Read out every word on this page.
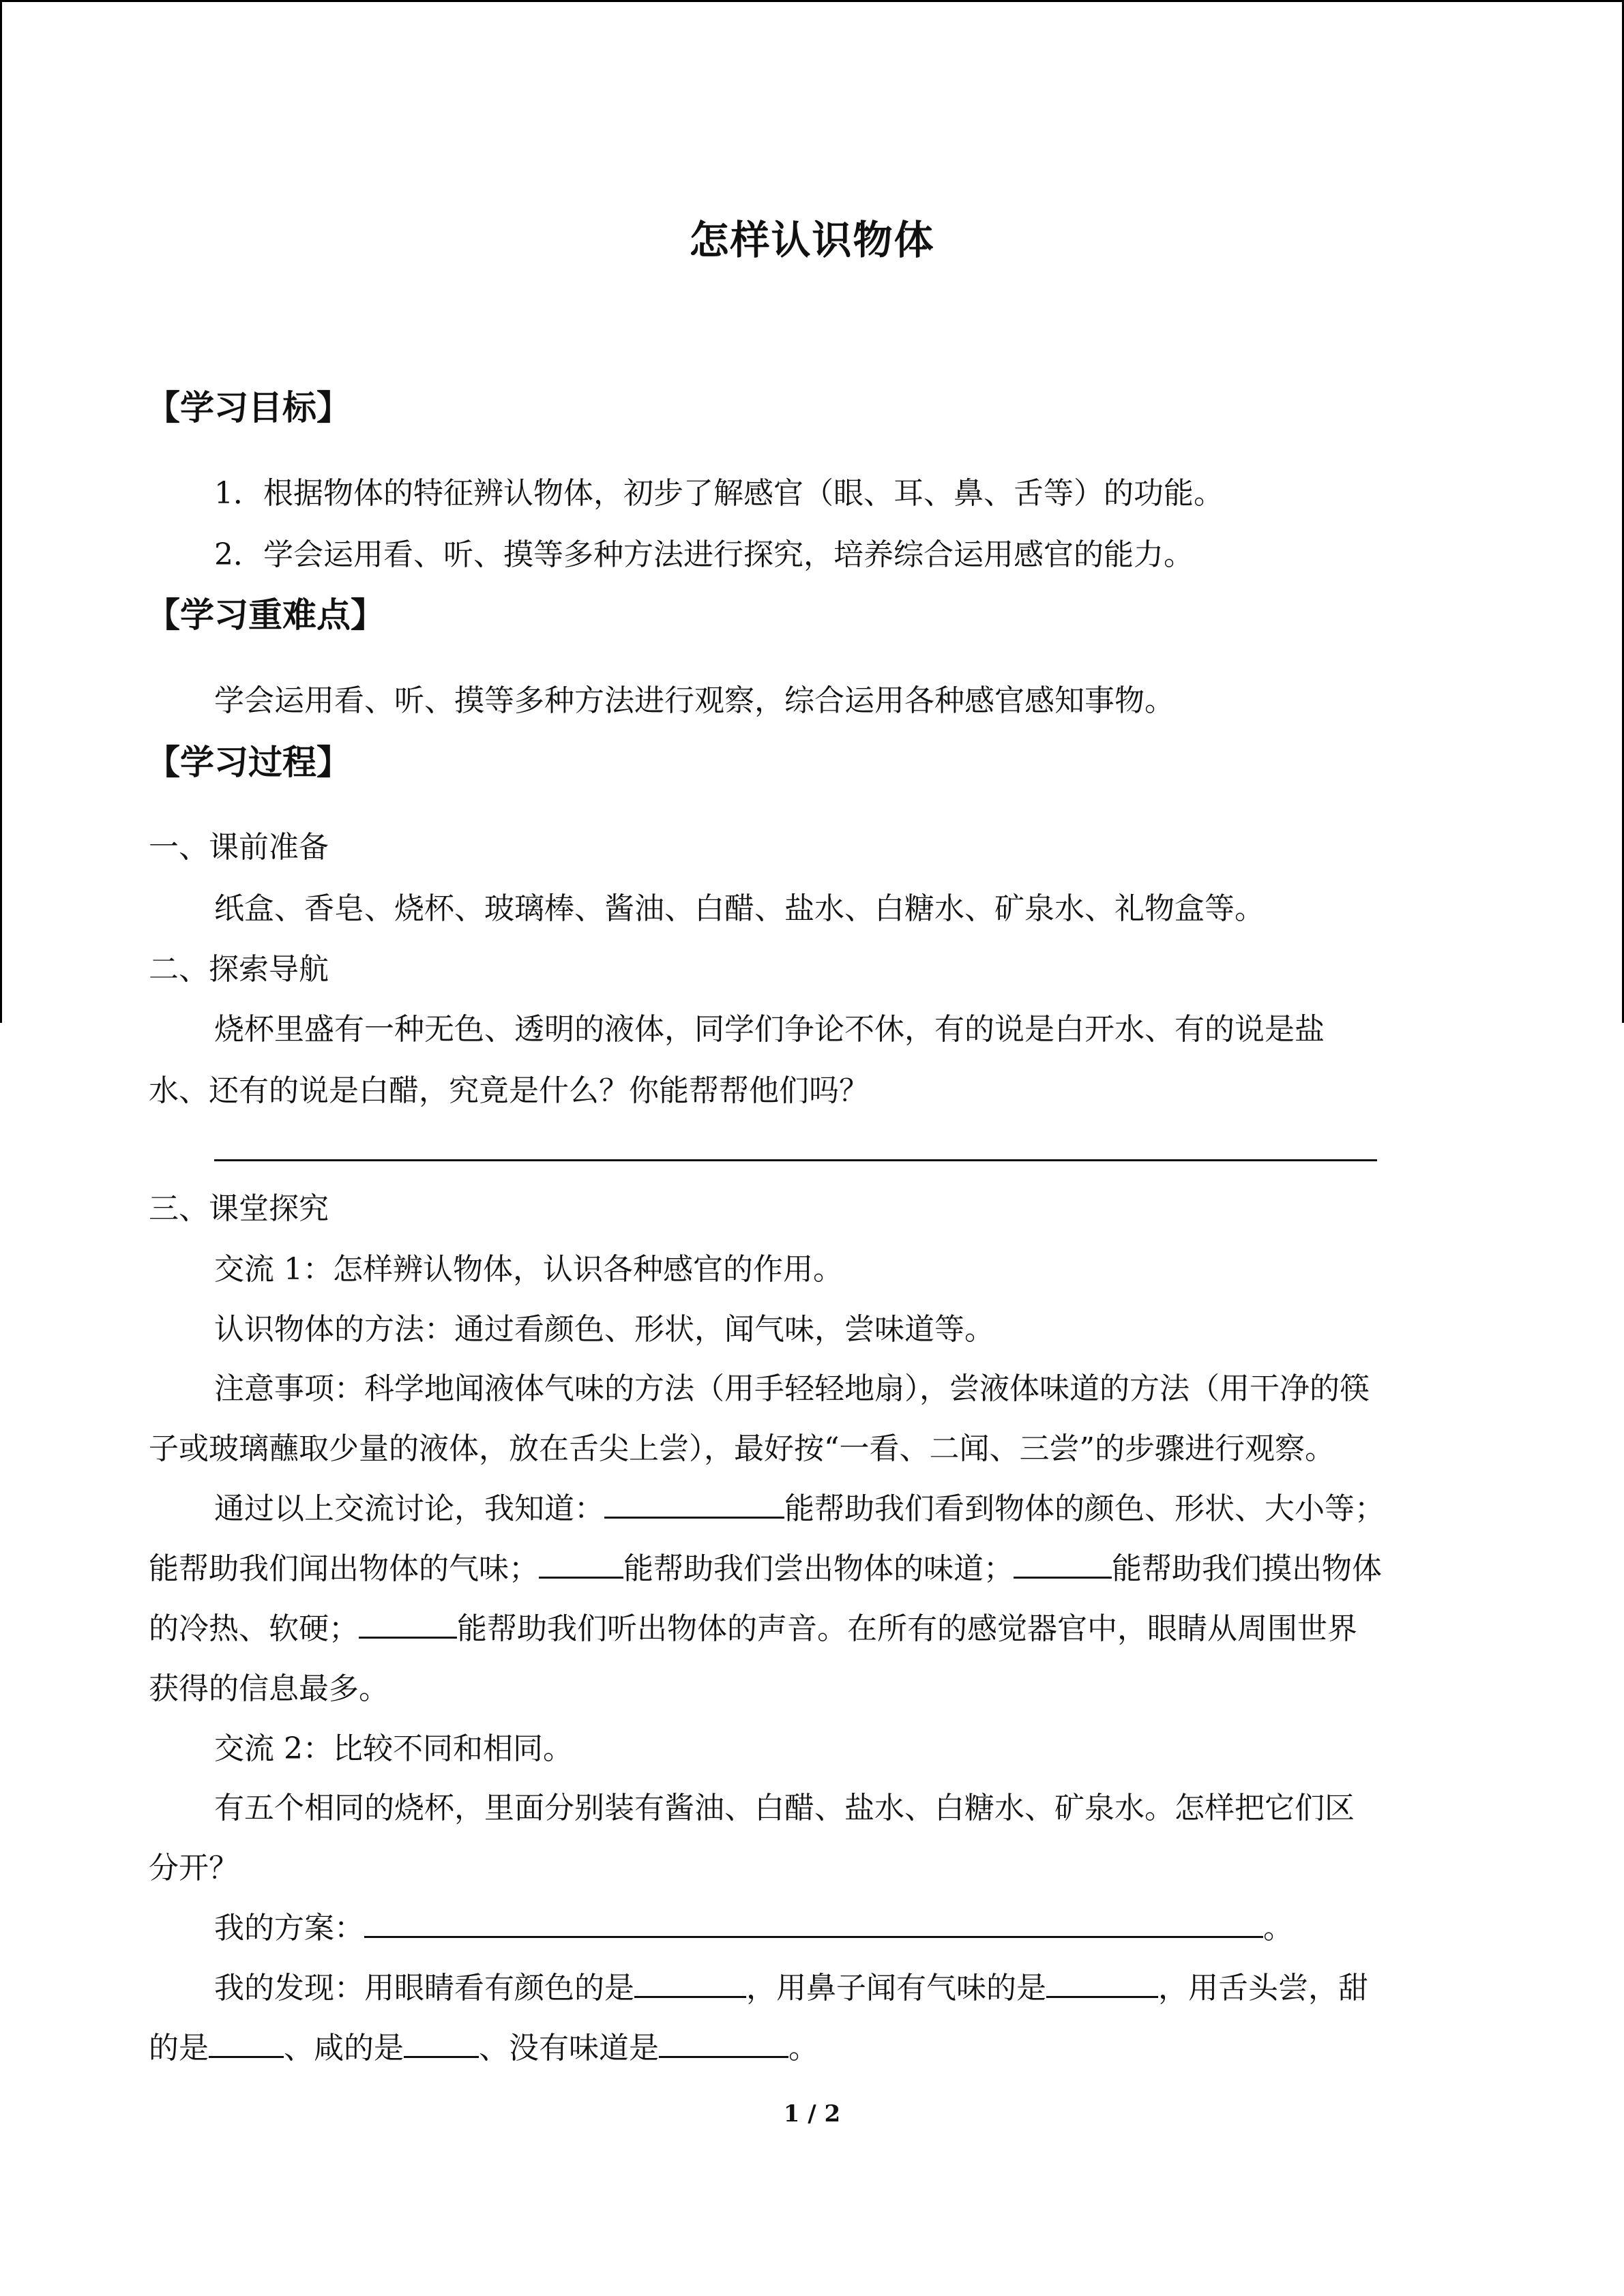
怎样认识物体
【学习目标】
1．根据物体的特征辨认物体，初步了解感官（眼、耳、鼻、舌等）的功能。
2．学会运用看、听、摸等多种方法进行探究，培养综合运用感官的能力。
【学习重难点】
学会运用看、听、摸等多种方法进行观察，综合运用各种感官感知事物。
【学习过程】
一、课前准备
纸盒、香皂、烧杯、玻璃棒、酱油、白醋、盐水、白糖水、矿泉水、礼物盒等。
二、探索导航
烧杯里盛有一种无色、透明的液体，同学们争论不休，有的说是白开水、有的说是盐
水、还有的说是白醋，究竟是什么？你能帮帮他们吗？
三、课堂探究
交流 1：怎样辨认物体，认识各种感官的作用。
认识物体的方法：通过看颜色、形状，闻气味，尝味道等。
注意事项：科学地闻液体气味的方法（用手轻轻地扇），尝液体味道的方法（用干净的筷
子或玻璃蘸取少量的液体，放在舌尖上尝），最好按“一看、二闻、三尝”的步骤进行观察。
通过以上交流讨论，我知道：	能帮助我们看到物体的颜色、形状、大小等；
能帮助我们闻出物体的气味；	能帮助我们尝出物体的味道；	能帮助我们摸出物体
的冷热、软硬；	能帮助我们听出物体的声音。在所有的感觉器官中，眼睛从周围世界
获得的信息最多。
交流 2：比较不同和相同。
有五个相同的烧杯，里面分别装有酱油、白醋、盐水、白糖水、矿泉水。怎样把它们区
分开？
我的方案：	。
我的发现：用眼睛看有颜色的是	，用鼻子闻有气味的是	，用舌头尝，甜
的是	、咸的是	、没有味道是	。
1 / 2
